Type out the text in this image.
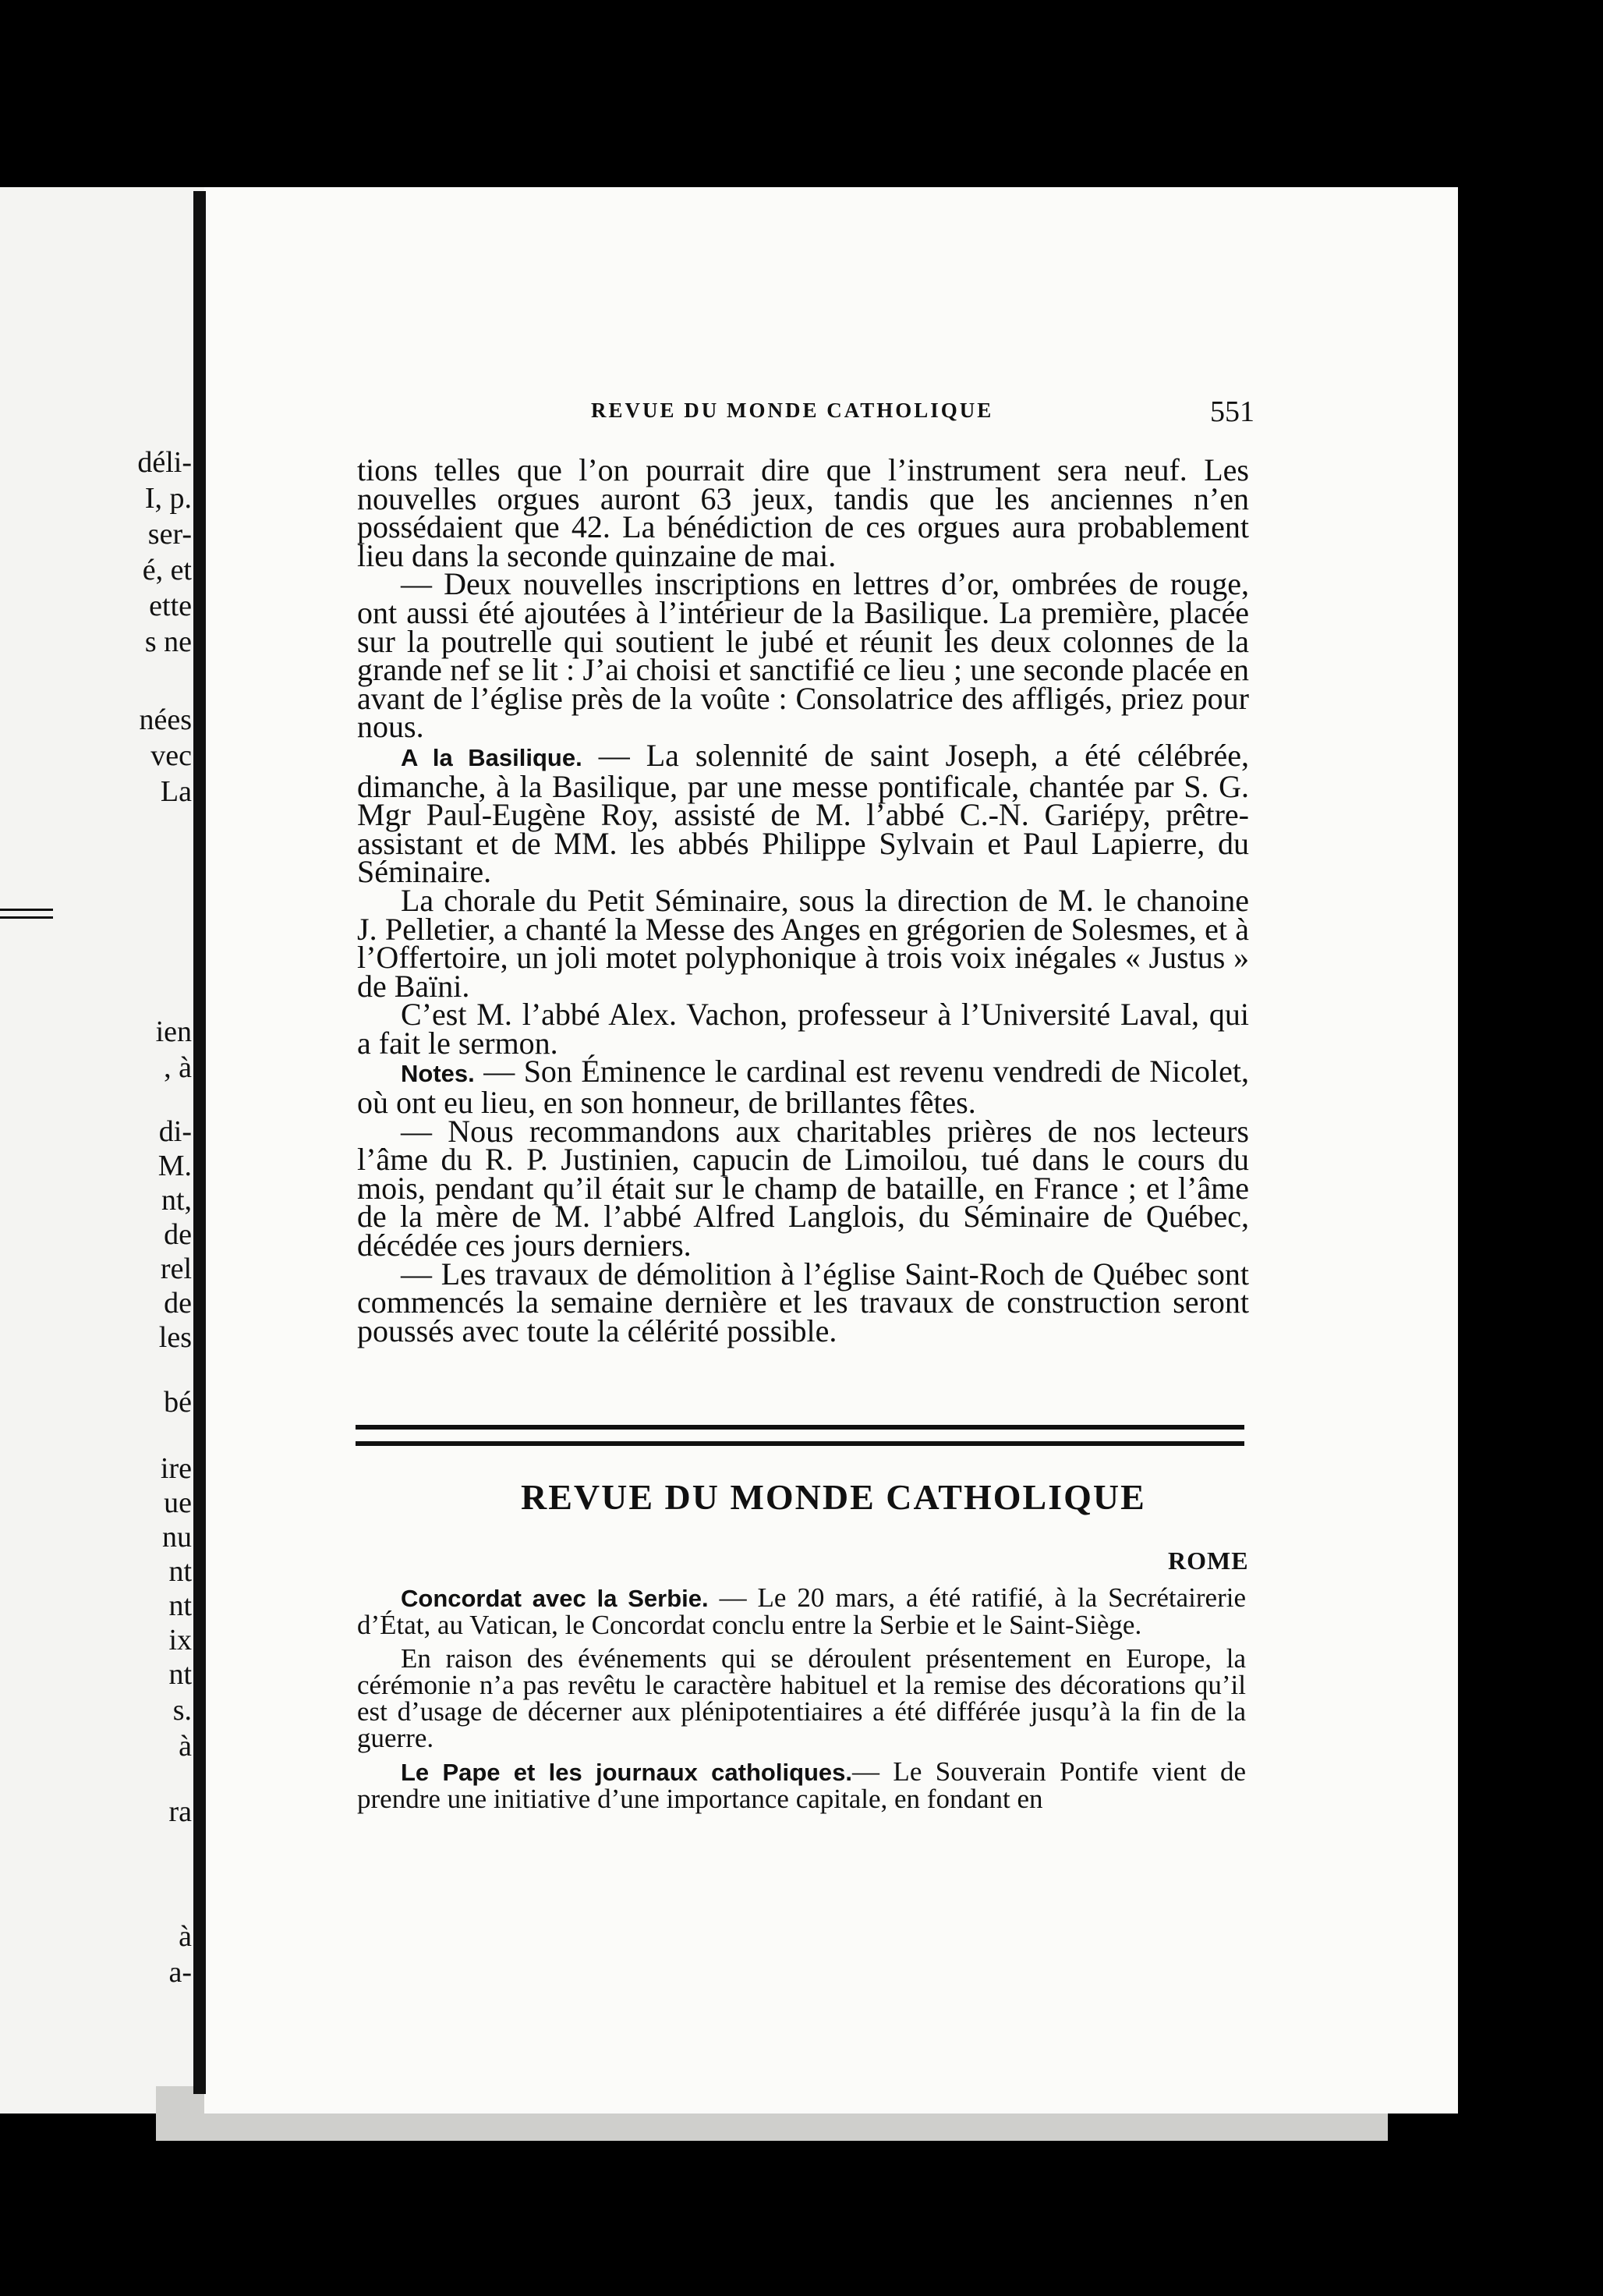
déli-
I, p.
ser-
é, et
ette
s ne
nées
vec
La
ien
, à
di-
M.
nt,
de
rel
de
les
bé
ire
ue
nu
nt
nt
ix
nt
s.
à
ra
à
a-
REVUE DU MONDE CATHOLIQUE	551

tions telles que l’on pourrait dire que l’instrument sera neuf. Les nouvelles orgues auront 63 jeux, tandis que les anciennes n’en possédaient que 42. La bénédiction de ces orgues aura probablement lieu dans la seconde quinzaine de mai.

— Deux nouvelles inscriptions en lettres d’or, ombrées de rouge, ont aussi été ajoutées à l’intérieur de la Basilique. La première, placée sur la poutrelle qui soutient le jubé et réunit les deux colonnes de la grande nef se lit : J’ai choisi et sanctifié ce lieu ; une seconde placée en avant de l’église près de la voûte : Consolatrice des affligés, priez pour nous.

A la Basilique. — La solennité de saint Joseph, a été célébrée, dimanche, à la Basilique, par une messe pontificale, chantée par S. G. Mgr Paul-Eugène Roy, assisté de M. l’abbé C.-N. Gariépy, prêtre-assistant et de MM. les abbés Philippe Sylvain et Paul Lapierre, du Séminaire.

La chorale du Petit Séminaire, sous la direction de M. le chanoine J. Pelletier, a chanté la Messe des Anges en grégorien de Solesmes, et à l’Offertoire, un joli motet polyphonique à trois voix inégales « Justus » de Baïni.

C’est M. l’abbé Alex. Vachon, professeur à l’Université Laval, qui a fait le sermon.

Notes. — Son Éminence le cardinal est revenu vendredi de Nicolet, où ont eu lieu, en son honneur, de brillantes fêtes.

— Nous recommandons aux charitables prières de nos lecteurs l’âme du R. P. Justinien, capucin de Limoilou, tué dans le cours du mois, pendant qu’il était sur le champ de bataille, en France ; et l’âme de la mère de M. l’abbé Alfred Langlois, du Séminaire de Québec, décédée ces jours derniers.

— Les travaux de démolition à l’église Saint-Roch de Québec sont commencés la semaine dernière et les travaux de construction seront poussés avec toute la célérité possible.

REVUE DU MONDE CATHOLIQUE
ROME

Concordat avec la Serbie. — Le 20 mars, a été ratifié, à la Secrétairerie d’État, au Vatican, le Concordat conclu entre la Serbie et le Saint-Siège.

En raison des événements qui se déroulent présentement en Europe, la cérémonie n’a pas revêtu le caractère habituel et la remise des décorations qu’il est d’usage de décerner aux plénipotentiaires a été différée jusqu’à la fin de la guerre.

Le Pape et les journaux catholiques.— Le Souverain Pontife vient de prendre une initiative d’une importance capitale, en fondant en
